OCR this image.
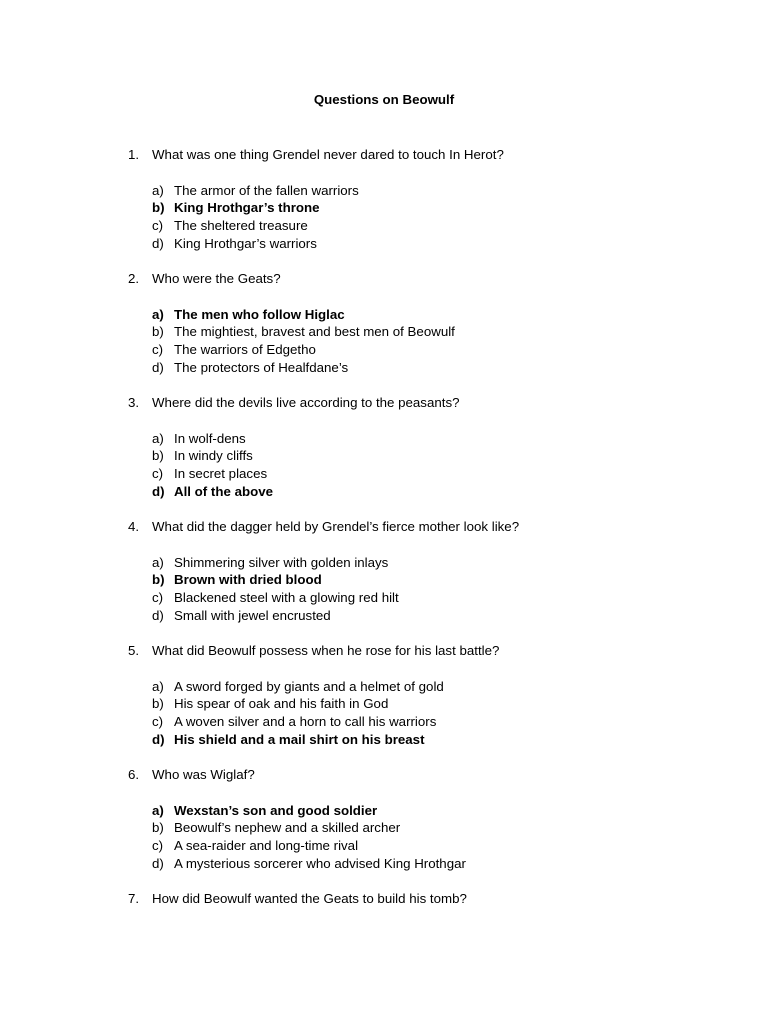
Questions on Beowulf
1. What was one thing Grendel never dared to touch In Herot?
a) The armor of the fallen warriors
b) King Hrothgar’s throne
c) The sheltered treasure
d) King Hrothgar’s warriors
2. Who were the Geats?
a) The men who follow Higlac
b) The mightiest, bravest and best men of Beowulf
c) The warriors of Edgetho
d) The protectors of Healfdane’s
3. Where did the devils live according to the peasants?
a) In wolf-dens
b) In windy cliffs
c) In secret places
d) All of the above
4. What did the dagger held by Grendel’s fierce mother look like?
a) Shimmering silver with golden inlays
b) Brown with dried blood
c) Blackened steel with a glowing red hilt
d) Small with jewel encrusted
5. What did Beowulf possess when he rose for his last battle?
a) A sword forged by giants and a helmet of gold
b) His spear of oak and his faith in God
c) A woven silver and a horn to call his warriors
d) His shield and a mail shirt on his breast
6. Who was Wiglaf?
a) Wexstan’s son and good soldier
b) Beowulf’s nephew and a skilled archer
c) A sea-raider and long-time rival
d) A mysterious sorcerer who advised King Hrothgar
7. How did Beowulf wanted the Geats to build his tomb?
